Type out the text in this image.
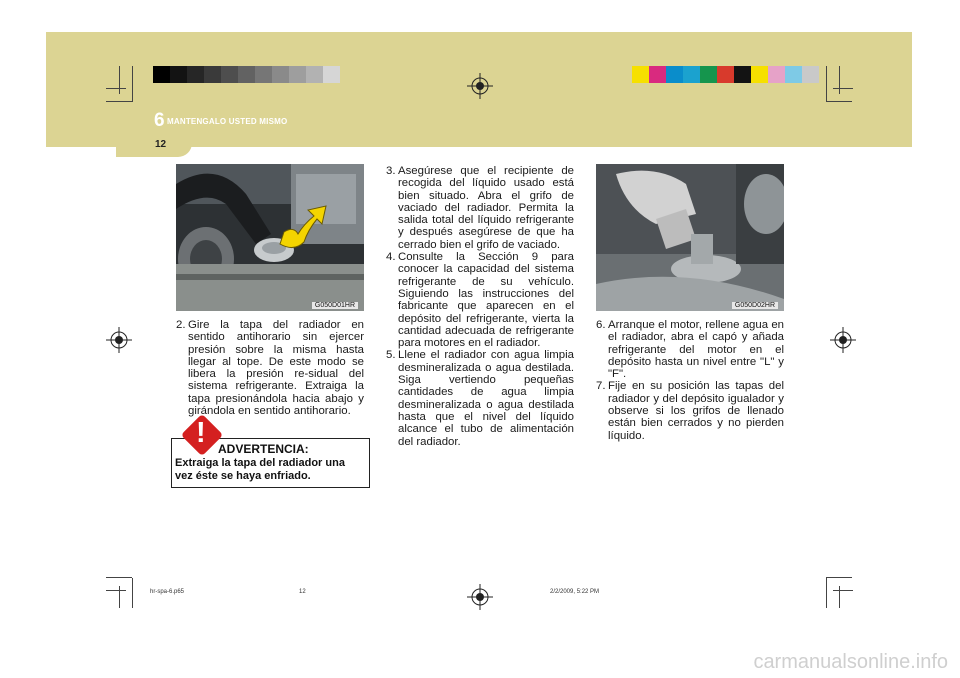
6 MANTENGALO USTED MISMO
12
G050D01HR	G050D02HR
2. Gire la tapa del radiador en sentido antihorario sin ejercer presión sobre la misma hasta llegar al tope. De este modo se libera la presión re-sidual del sistema refrigerante. Extraiga la tapa presionándola hacia abajo y girándola en sentido antihorario.
! ADVERTENCIA:
Extraiga la tapa del radiador una vez éste se haya enfriado.
3. Asegúrese que el recipiente de recogida del líquido usado está bien situado. Abra el grifo de vaciado del radiador. Permita la salida total del líquido refrigerante y después asegúrese de que ha cerrado bien el grifo de vaciado.
4. Consulte la Sección 9 para conocer la capacidad del sistema refrigerante de su vehículo. Siguiendo las instrucciones del fabricante que aparecen en el depósito del refrigerante, vierta la cantidad adecuada de refrigerante para motores en el radiador.
5. Llene el radiador con agua limpia desmineralizada o agua destilada. Siga vertiendo pequeñas cantidades de agua limpia desmineralizada o agua destilada hasta que el nivel del líquido alcance el tubo de alimentación del radiador.
6. Arranque el motor, rellene agua en el radiador, abra el capó y añada refrigerante del motor en el depósito hasta un nivel entre "L" y "F".
7. Fije en su posición las tapas del radiador y del depósito igualador y observe si los grifos de llenado están bien cerrados y no pierden líquido.
hr-spa-6.p65	12	2/2/2009, 5:22 PM
carmanualsonline.info
